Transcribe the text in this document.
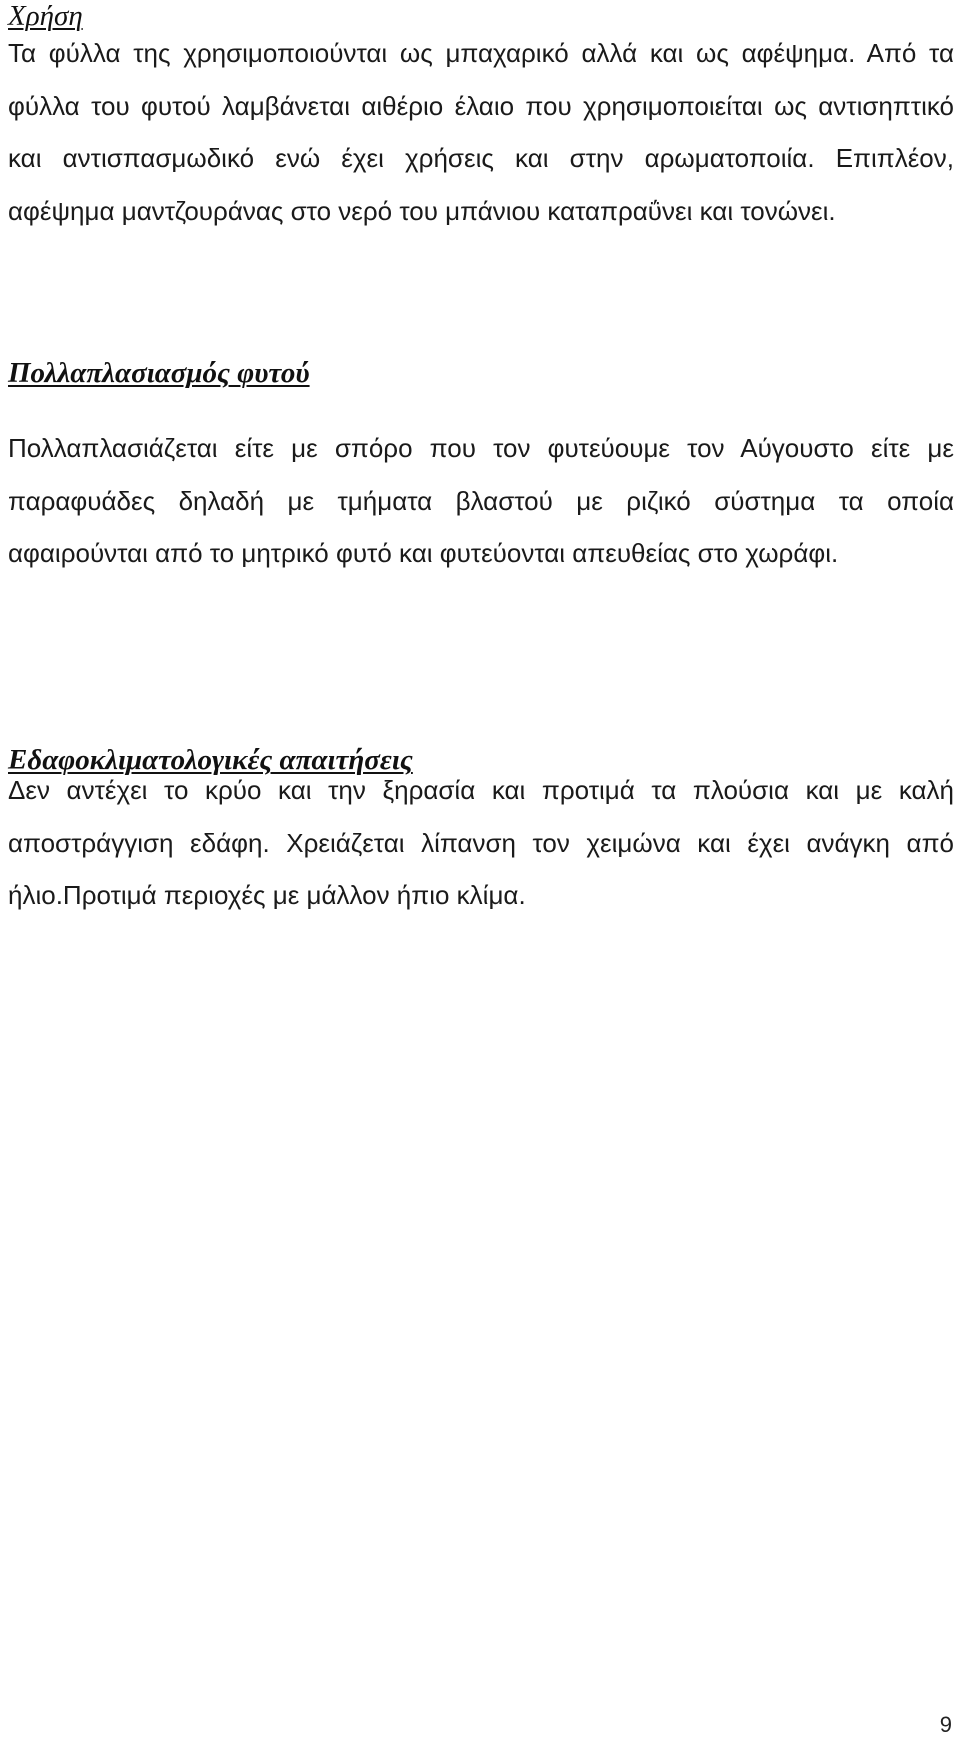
Χρήση

Τα φύλλα της χρησιμοποιούνται ως μπαχαρικό αλλά και ως αφέψημα. Από τα φύλλα του φυτού λαμβάνεται αιθέριο έλαιο που χρησιμοποιείται ως αντισηπτικό και αντισπασμωδικό ενώ έχει χρήσεις και στην αρωματοποιία. Επιπλέον, αφέψημα μαντζουράνας στο νερό του μπάνιου καταπραΰνει και τονώνει.

Πολλαπλασιασμός φυτού

Πολλαπλασιάζεται είτε με σπόρο που τον φυτεύουμε τον Αύγουστο είτε με παραφυάδες δηλαδή με τμήματα βλαστού με ριζικό σύστημα τα οποία αφαιρούνται από το μητρικό φυτό και φυτεύονται απευθείας στο χωράφι.

Εδαφοκλιματολογικές απαιτήσεις

Δεν αντέχει το κρύο και την ξηρασία και προτιμά τα πλούσια και με καλή αποστράγγιση εδάφη. Χρειάζεται λίπανση τον χειμώνα και έχει ανάγκη από ήλιο.Προτιμά περιοχές με μάλλον ήπιο κλίμα.

9
